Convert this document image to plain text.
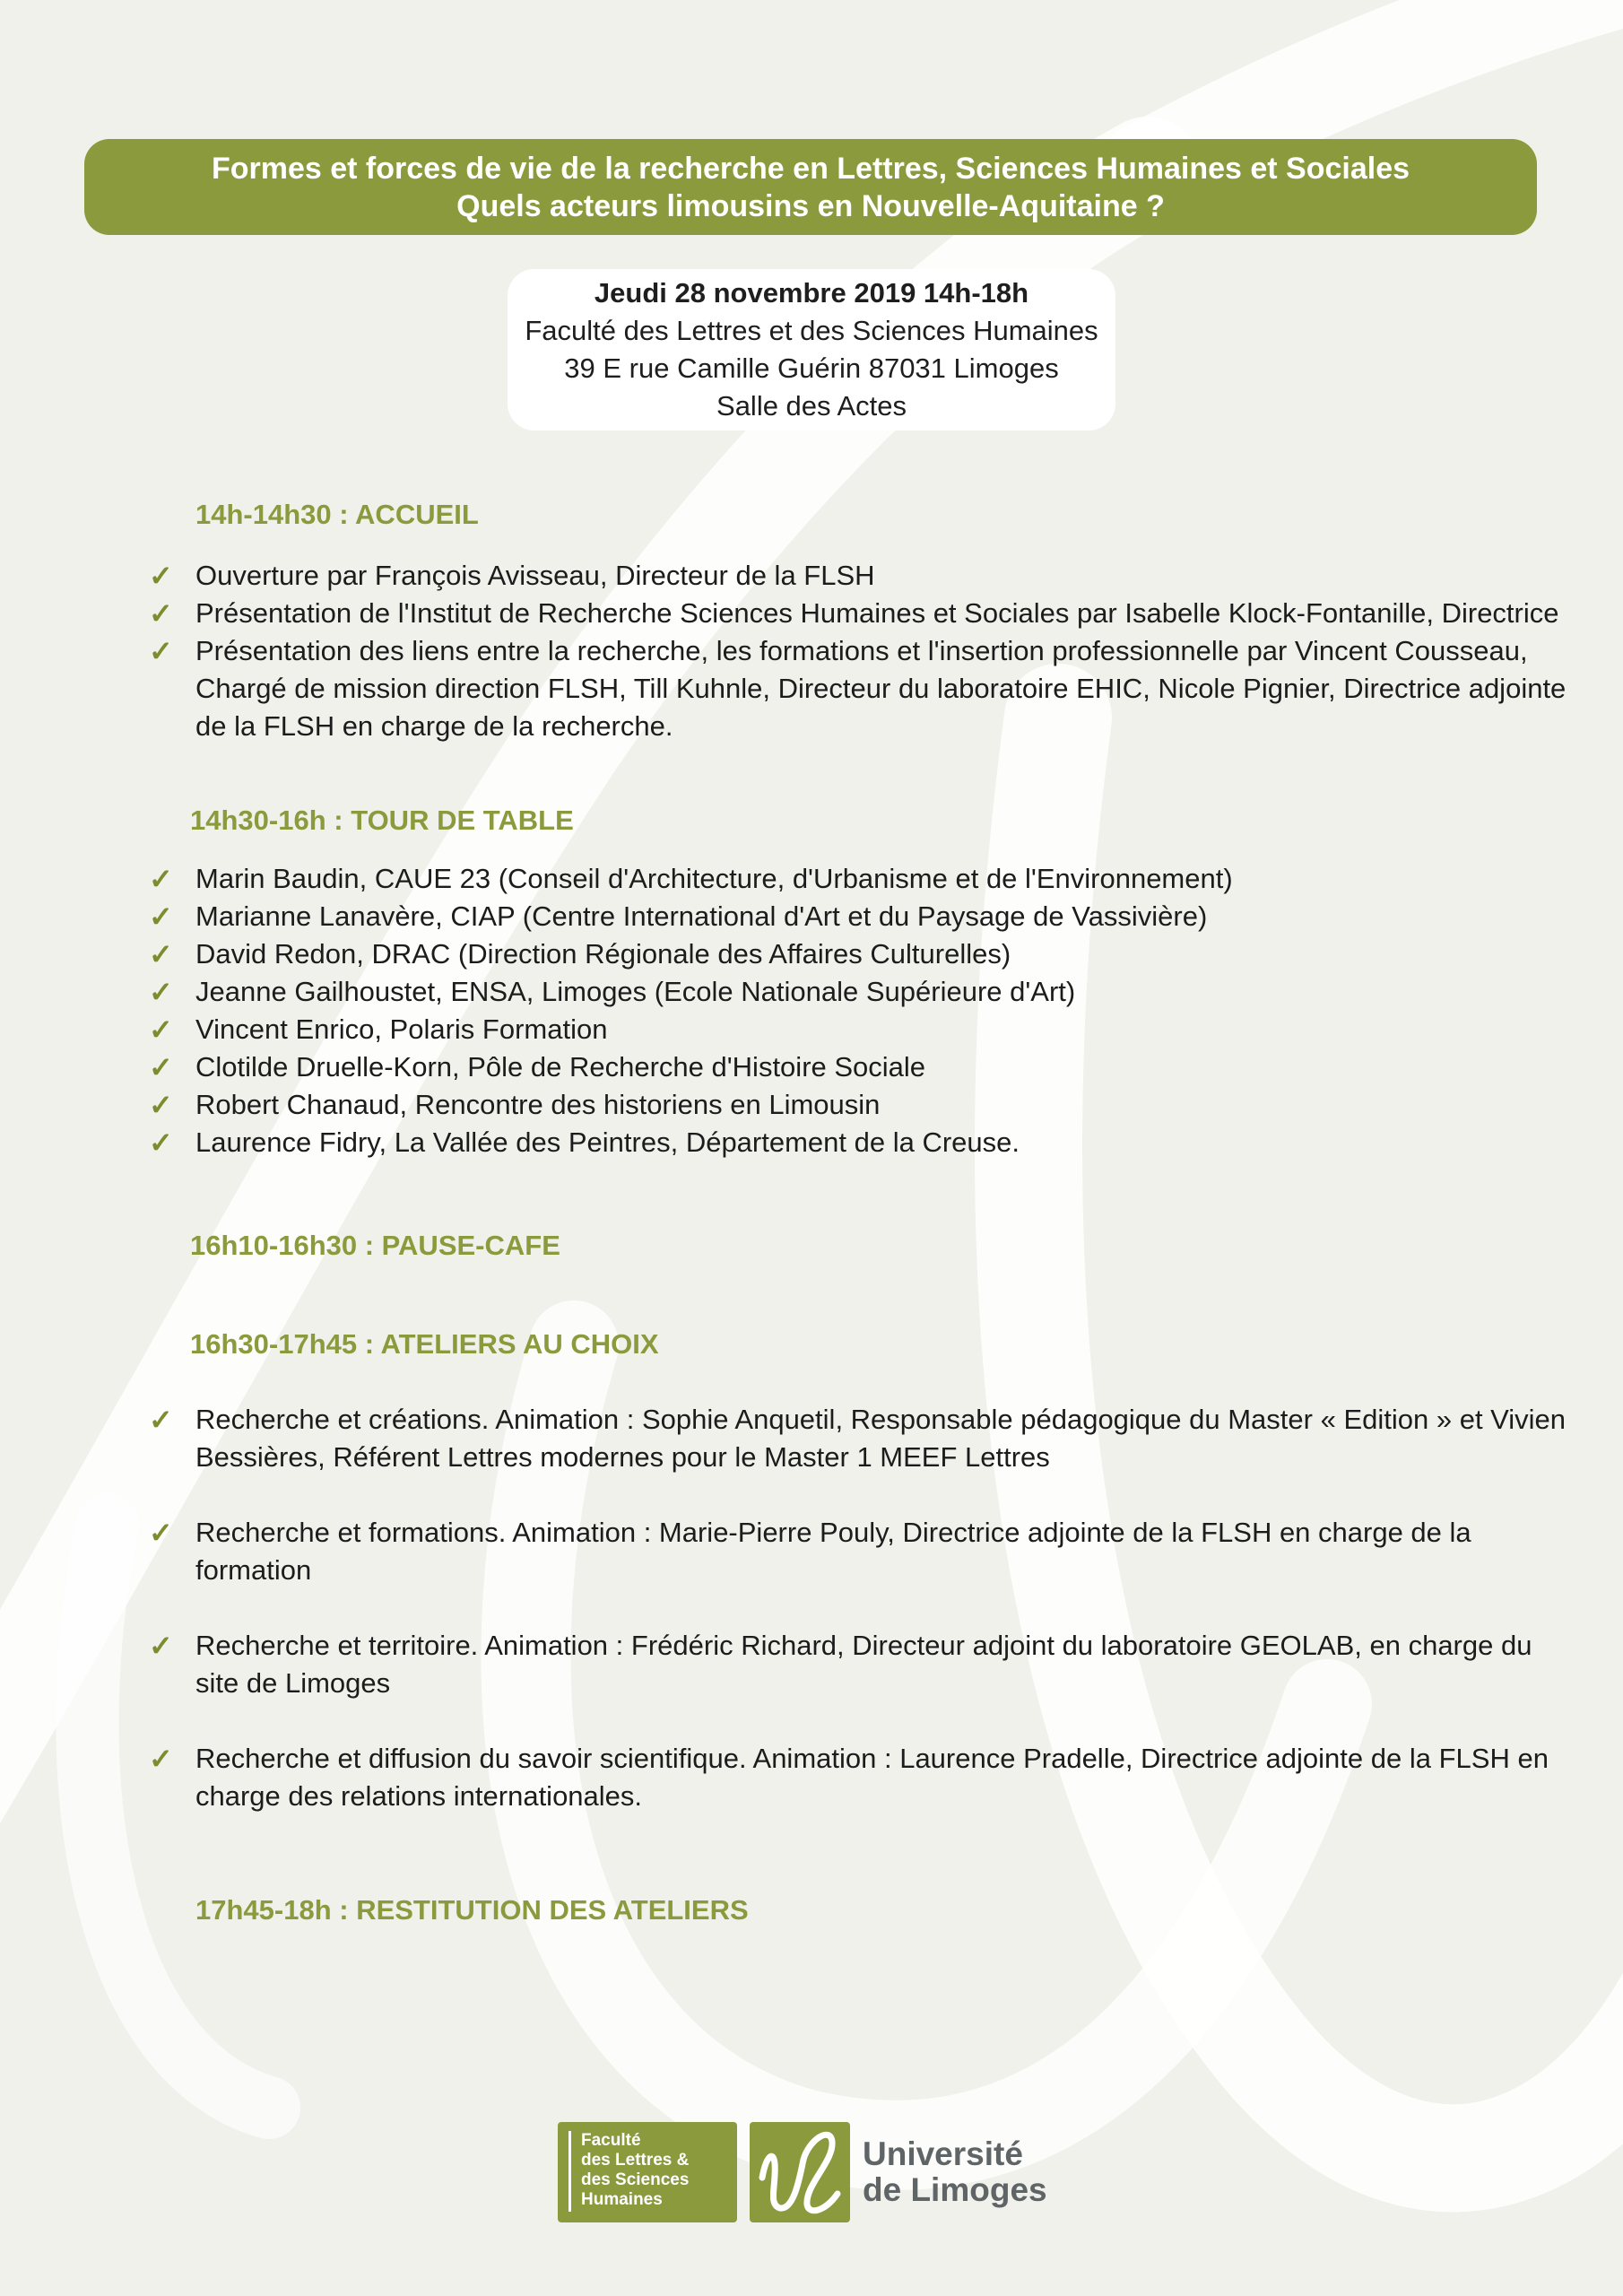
Formes et forces de vie de la recherche en Lettres, Sciences Humaines et Sociales
Quels acteurs limousins en Nouvelle-Aquitaine ?
Jeudi 28 novembre 2019 14h-18h
Faculté des Lettres et des Sciences Humaines
39 E rue Camille Guérin 87031 Limoges
Salle des Actes
14h-14h30 : ACCUEIL
✓ Ouverture par François Avisseau, Directeur de la FLSH
✓ Présentation de l'Institut de Recherche Sciences Humaines et Sociales par Isabelle Klock-Fontanille, Directrice
✓ Présentation des liens entre la recherche, les formations et l'insertion professionnelle par Vincent Cousseau, Chargé de mission direction FLSH, Till Kuhnle, Directeur du laboratoire EHIC, Nicole Pignier, Directrice adjointe de la FLSH en charge de la recherche.
14h30-16h : TOUR DE TABLE
✓ Marin Baudin, CAUE 23 (Conseil d'Architecture, d'Urbanisme et de l'Environnement)
✓ Marianne Lanavère, CIAP (Centre International d'Art et du Paysage de Vassivière)
✓ David Redon, DRAC (Direction Régionale des Affaires Culturelles)
✓ Jeanne Gailhoustet, ENSA, Limoges (Ecole Nationale Supérieure d'Art)
✓ Vincent Enrico, Polaris Formation
✓ Clotilde Druelle-Korn, Pôle de Recherche d'Histoire Sociale
✓ Robert Chanaud, Rencontre des historiens en Limousin
✓ Laurence Fidry, La Vallée des Peintres, Département de la Creuse.
16h10-16h30 : PAUSE-CAFE
16h30-17h45 : ATELIERS AU CHOIX
✓ Recherche et créations. Animation : Sophie Anquetil, Responsable pédagogique du Master « Edition » et Vivien Bessières, Référent Lettres modernes pour le Master 1 MEEF Lettres
✓ Recherche et formations. Animation : Marie-Pierre Pouly, Directrice adjointe de la FLSH en charge de la formation
✓ Recherche et territoire. Animation : Frédéric Richard, Directeur adjoint du laboratoire GEOLAB, en charge du site de Limoges
✓ Recherche et diffusion du savoir scientifique. Animation : Laurence Pradelle, Directrice adjointe de la FLSH en charge des relations internationales.
17h45-18h : RESTITUTION DES ATELIERS
Faculté
des Lettres &
des Sciences
Humaines
Université
de Limoges
